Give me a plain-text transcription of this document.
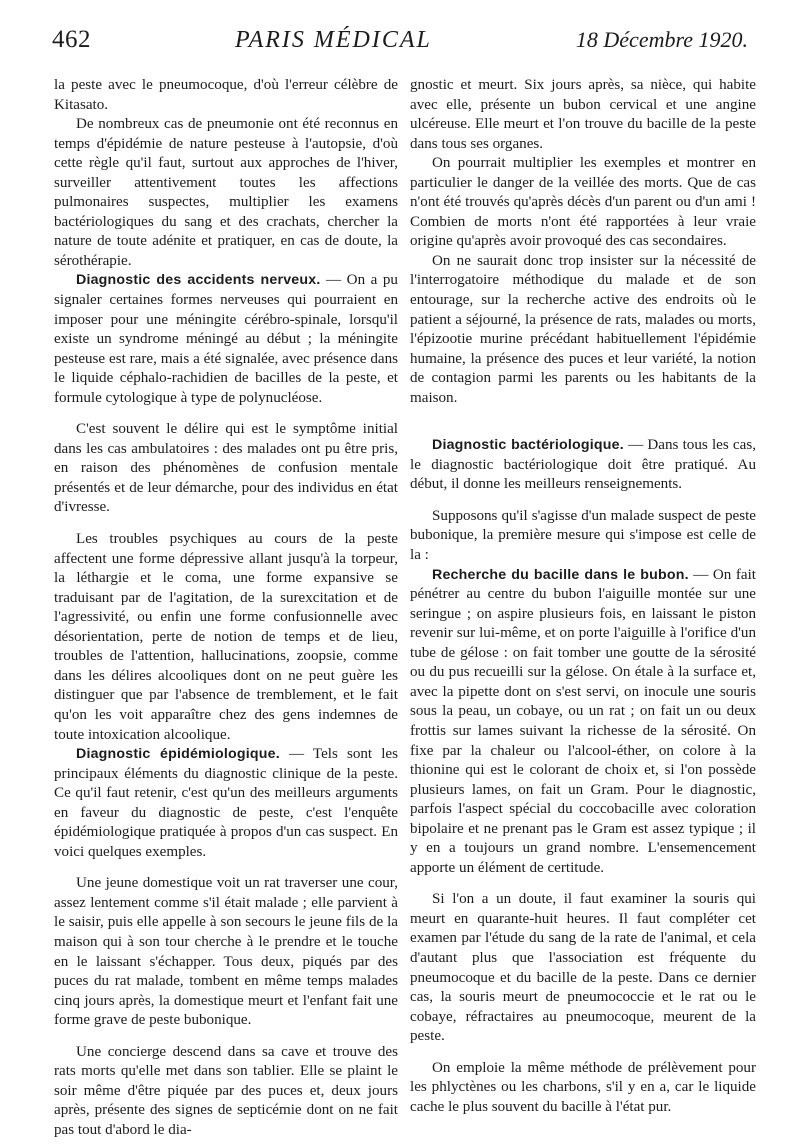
462	PARIS MÉDICAL	18 Décembre 1920.

la peste avec le pneumocoque, d'où l'erreur célèbre de Kitasato.

De nombreux cas de pneumonie ont été reconnus en temps d'épidémie de nature pesteuse à l'autopsie, d'où cette règle qu'il faut, surtout aux approches de l'hiver, surveiller attentivement toutes les affections pulmonaires suspectes, multiplier les examens bactériologiques du sang et des crachats, chercher la nature de toute adénite et pratiquer, en cas de doute, la sérothérapie.

Diagnostic des accidents nerveux. — On a pu signaler certaines formes nerveuses qui pourraient en imposer pour une méningite cérébro-spinale, lorsqu'il existe un syndrome méningé au début ; la méningite pesteuse est rare, mais a été signalée, avec présence dans le liquide céphalo-rachidien de bacilles de la peste, et formule cytologique à type de polynucléose.

C'est souvent le délire qui est le symptôme initial dans les cas ambulatoires : des malades ont pu être pris, en raison des phénomènes de confusion mentale présentés et de leur démarche, pour des individus en état d'ivresse.

Les troubles psychiques au cours de la peste affectent une forme dépressive allant jusqu'à la torpeur, la léthargie et le coma, une forme expansive se traduisant par de l'agitation, de la surexcitation et de l'agressivité, ou enfin une forme confusionnelle avec désorientation, perte de notion de temps et de lieu, troubles de l'attention, hallucinations, zoopsie, comme dans les délires alcooliques dont on ne peut guère les distinguer que par l'absence de tremblement, et le fait qu'on les voit apparaître chez des gens indemnes de toute intoxication alcoolique.

Diagnostic épidémiologique. — Tels sont les principaux éléments du diagnostic clinique de la peste. Ce qu'il faut retenir, c'est qu'un des meilleurs arguments en faveur du diagnostic de peste, c'est l'enquête épidémiologique pratiquée à propos d'un cas suspect. En voici quelques exemples.

Une jeune domestique voit un rat traverser une cour, assez lentement comme s'il était malade ; elle parvient à le saisir, puis elle appelle à son secours le jeune fils de la maison qui à son tour cherche à le prendre et le touche en le laissant s'échapper. Tous deux, piqués par des puces du rat malade, tombent en même temps malades cinq jours après, la domestique meurt et l'enfant fait une forme grave de peste bubonique.

Une concierge descend dans sa cave et trouve des rats morts qu'elle met dans son tablier. Elle se plaint le soir même d'être piquée par des puces et, deux jours après, présente des signes de septicémie dont on ne fait pas tout d'abord le dia-

gnostic et meurt. Six jours après, sa nièce, qui habite avec elle, présente un bubon cervical et une angine ulcéreuse. Elle meurt et l'on trouve du bacille de la peste dans tous ses organes.

On pourrait multiplier les exemples et montrer en particulier le danger de la veillée des morts. Que de cas n'ont été trouvés qu'après décès d'un parent ou d'un ami ! Combien de morts n'ont été rapportées à leur vraie origine qu'après avoir provoqué des cas secondaires.

On ne saurait donc trop insister sur la nécessité de l'interrogatoire méthodique du malade et de son entourage, sur la recherche active des endroits où le patient a séjourné, la présence de rats, malades ou morts, l'épizootie murine précédant habituellement l'épidémie humaine, la présence des puces et leur variété, la notion de contagion parmi les parents ou les habitants de la maison.

Diagnostic bactériologique. — Dans tous les cas, le diagnostic bactériologique doit être pratiqué. Au début, il donne les meilleurs renseignements.

Supposons qu'il s'agisse d'un malade suspect de peste bubonique, la première mesure qui s'impose est celle de la :

Recherche du bacille dans le bubon. — On fait pénétrer au centre du bubon l'aiguille montée sur une seringue ; on aspire plusieurs fois, en laissant le piston revenir sur lui-même, et on porte l'aiguille à l'orifice d'un tube de gélose : on fait tomber une goutte de la sérosité ou du pus recueilli sur la gélose. On étale à la surface et, avec la pipette dont on s'est servi, on inocule une souris sous la peau, un cobaye, ou un rat ; on fait un ou deux frottis sur lames suivant la richesse de la sérosité. On fixe par la chaleur ou l'alcool-éther, on colore à la thionine qui est le colorant de choix et, si l'on possède plusieurs lames, on fait un Gram. Pour le diagnostic, parfois l'aspect spécial du coccobacille avec coloration bipolaire et ne prenant pas le Gram est assez typique ; il y en a toujours un grand nombre. L'ensemencement apporte un élément de certitude.

Si l'on a un doute, il faut examiner la souris qui meurt en quarante-huit heures. Il faut compléter cet examen par l'étude du sang de la rate de l'animal, et cela d'autant plus que l'association est fréquente du pneumocoque et du bacille de la peste. Dans ce dernier cas, la souris meurt de pneumococcie et le rat ou le cobaye, réfractaires au pneumocoque, meurent de la peste.

On emploie la même méthode de prélèvement pour les phlyctènes ou les charbons, s'il y en a, car le liquide cache le plus souvent du bacille à l'état pur.
